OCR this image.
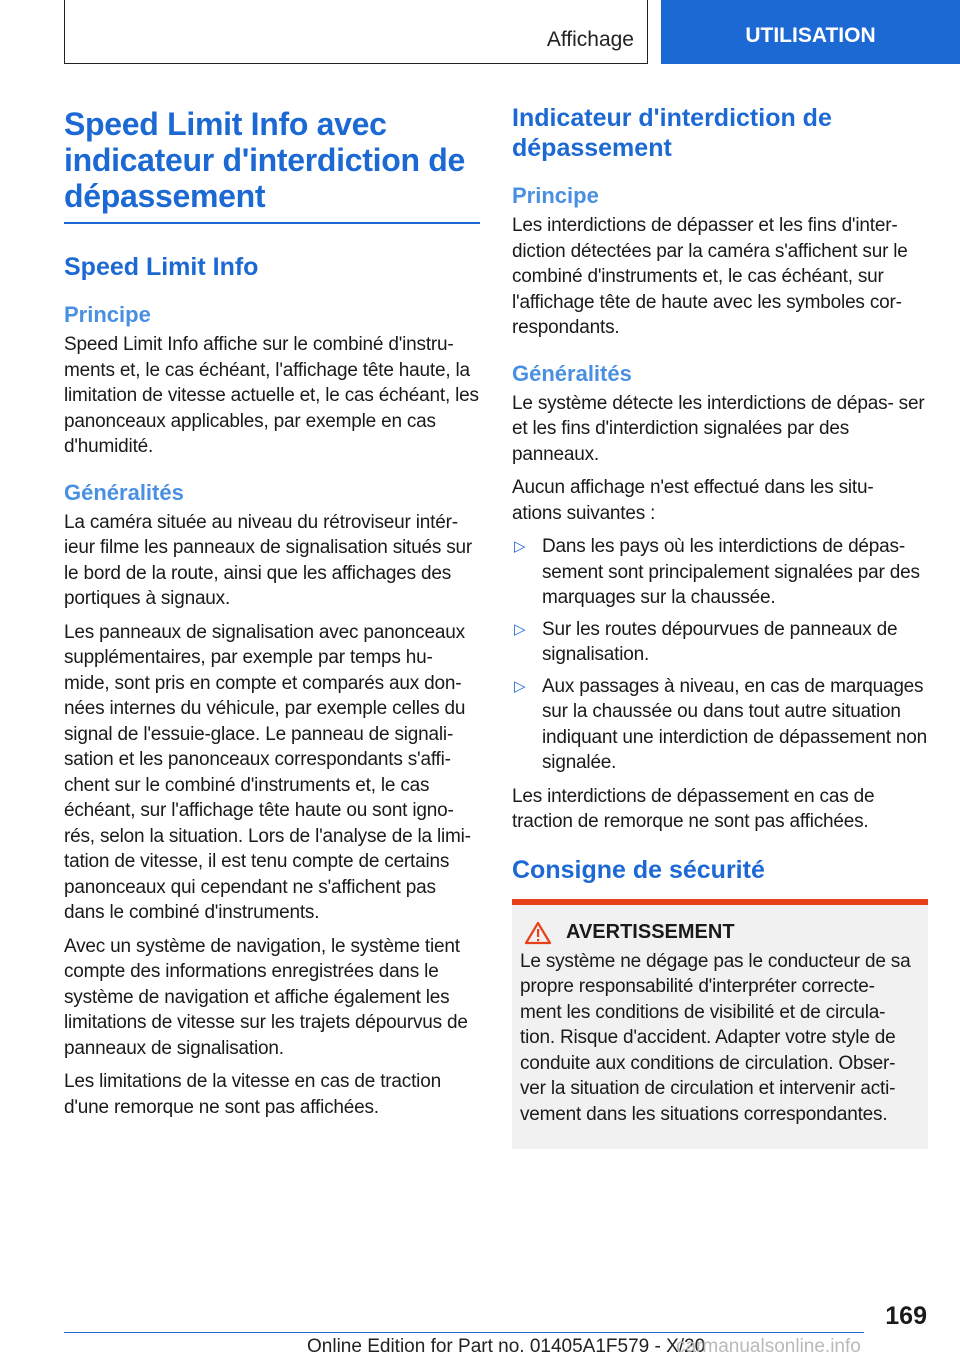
Affichage	UTILISATION
Speed Limit Info avec indicateur d'interdiction de dépassement
Speed Limit Info
Principe

Speed Limit Info affiche sur le combiné d'instru- ments et, le cas échéant, l'affichage tête haute, la limitation de vitesse actuelle et, le cas échéant, les panonceaux applicables, par exemple en cas d'humidité.

Généralités

La caméra située au niveau du rétroviseur intér- ieur filme les panneaux de signalisation situés sur le bord de la route, ainsi que les affichages des portiques à signaux.

Les panneaux de signalisation avec panonceaux supplémentaires, par exemple par temps hu- mide, sont pris en compte et comparés aux don- nées internes du véhicule, par exemple celles du signal de l'essuie-glace. Le panneau de signali- sation et les panonceaux correspondants s'affi- chent sur le combiné d'instruments et, le cas échéant, sur l'affichage tête haute ou sont igno- rés, selon la situation. Lors de l'analyse de la limi- tation de vitesse, il est tenu compte de certains panonceaux qui cependant ne s'affichent pas dans le combiné d'instruments.

Avec un système de navigation, le système tient compte des informations enregistrées dans le système de navigation et affiche également les limitations de vitesse sur les trajets dépourvus de panneaux de signalisation.

Les limitations de la vitesse en cas de traction d'une remorque ne sont pas affichées.

Indicateur d'interdiction de dépassement
Principe

Les interdictions de dépasser et les fins d'inter- diction détectées par la caméra s'affichent sur le combiné d'instruments et, le cas échéant, sur l'affichage tête de haute avec les symboles cor- respondants.

Généralités

Le système détecte les interdictions de dépas- ser et les fins d'interdiction signalées par des panneaux.

Aucun affichage n'est effectué dans les situ- ations suivantes :

▷ Dans les pays où les interdictions de dépas- sement sont principalement signalées par des marquages sur la chaussée.
▷ Sur les routes dépourvues de panneaux de signalisation.
▷ Aux passages à niveau, en cas de marquages sur la chaussée ou dans tout autre situation indiquant une interdiction de dépassement non signalée.

Les interdictions de dépassement en cas de traction de remorque ne sont pas affichées.

Consigne de sécurité
AVERTISSEMENT

Le système ne dégage pas le conducteur de sa propre responsabilité d'interpréter correcte- ment les conditions de visibilité et de circula- tion. Risque d'accident. Adapter votre style de conduite aux conditions de circulation. Obser- ver la situation de circulation et intervenir acti- vement dans les situations correspondantes.

169
Online Edition for Part no. 01405A1F579 - X/20
carmanualsonline.info
